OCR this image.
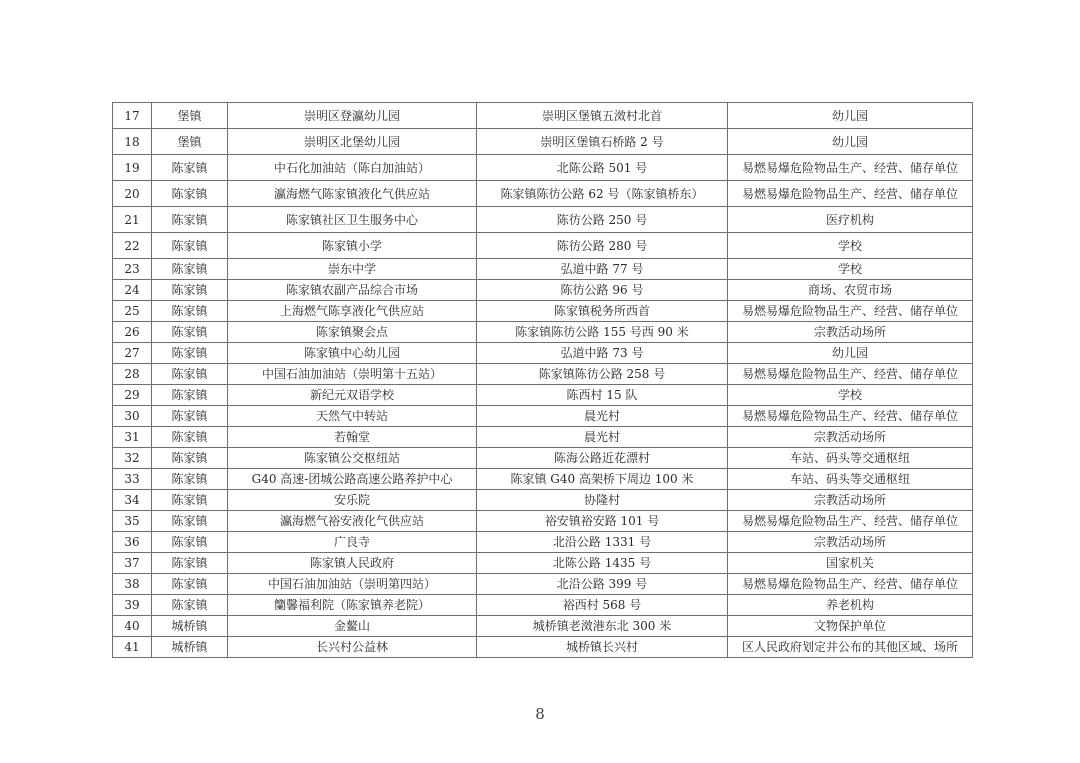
17	堡镇	崇明区登瀛幼儿园	崇明区堡镇五滧村北首	幼儿园
18	堡镇	崇明区北堡幼儿园	崇明区堡镇石桥路 2 号	幼儿园
19	陈家镇	中石化加油站（陈白加油站）	北陈公路 501 号	易燃易爆危险物品生产、经营、储存单位
20	陈家镇	瀛海燃气陈家镇液化气供应站	陈家镇陈彷公路 62 号（陈家镇桥东）	易燃易爆危险物品生产、经营、储存单位
21	陈家镇	陈家镇社区卫生服务中心	陈彷公路 250 号	医疗机构
22	陈家镇	陈家镇小学	陈彷公路 280 号	学校
23	陈家镇	崇东中学	弘道中路 77 号	学校
24	陈家镇	陈家镇农副产品综合市场	陈彷公路 96 号	商场、农贸市场
25	陈家镇	上海燃气陈享液化气供应站	陈家镇税务所西首	易燃易爆危险物品生产、经营、储存单位
26	陈家镇	陈家镇聚会点	陈家镇陈彷公路 155 号西 90 米	宗教活动场所
27	陈家镇	陈家镇中心幼儿园	弘道中路 73 号	幼儿园
28	陈家镇	中国石油加油站（崇明第十五站）	陈家镇陈彷公路 258 号	易燃易爆危险物品生产、经营、储存单位
29	陈家镇	新纪元双语学校	陈西村 15 队	学校
30	陈家镇	天然气中转站	晨光村	易燃易爆危险物品生产、经营、储存单位
31	陈家镇	若翰堂	晨光村	宗教活动场所
32	陈家镇	陈家镇公交枢纽站	陈海公路近花漂村	车站、码头等交通枢纽
33	陈家镇	G40 高速-团城公路高速公路养护中心	陈家镇 G40 高架桥下周边 100 米	车站、码头等交通枢纽
34	陈家镇	安乐院	协隆村	宗教活动场所
35	陈家镇	瀛海燃气裕安液化气供应站	裕安镇裕安路 101 号	易燃易爆危险物品生产、经营、储存单位
36	陈家镇	广良寺	北沿公路 1331 号	宗教活动场所
37	陈家镇	陈家镇人民政府	北陈公路 1435 号	国家机关
38	陈家镇	中国石油加油站（崇明第四站）	北沿公路 399 号	易燃易爆危险物品生产、经营、储存单位
39	陈家镇	籣馨福利院（陈家镇养老院）	裕西村 568 号	养老机构
40	城桥镇	金鳌山	城桥镇老滧港东北 300 米	文物保护单位
41	城桥镇	长兴村公益林	城桥镇长兴村	区人民政府划定并公布的其他区域、场所
8
